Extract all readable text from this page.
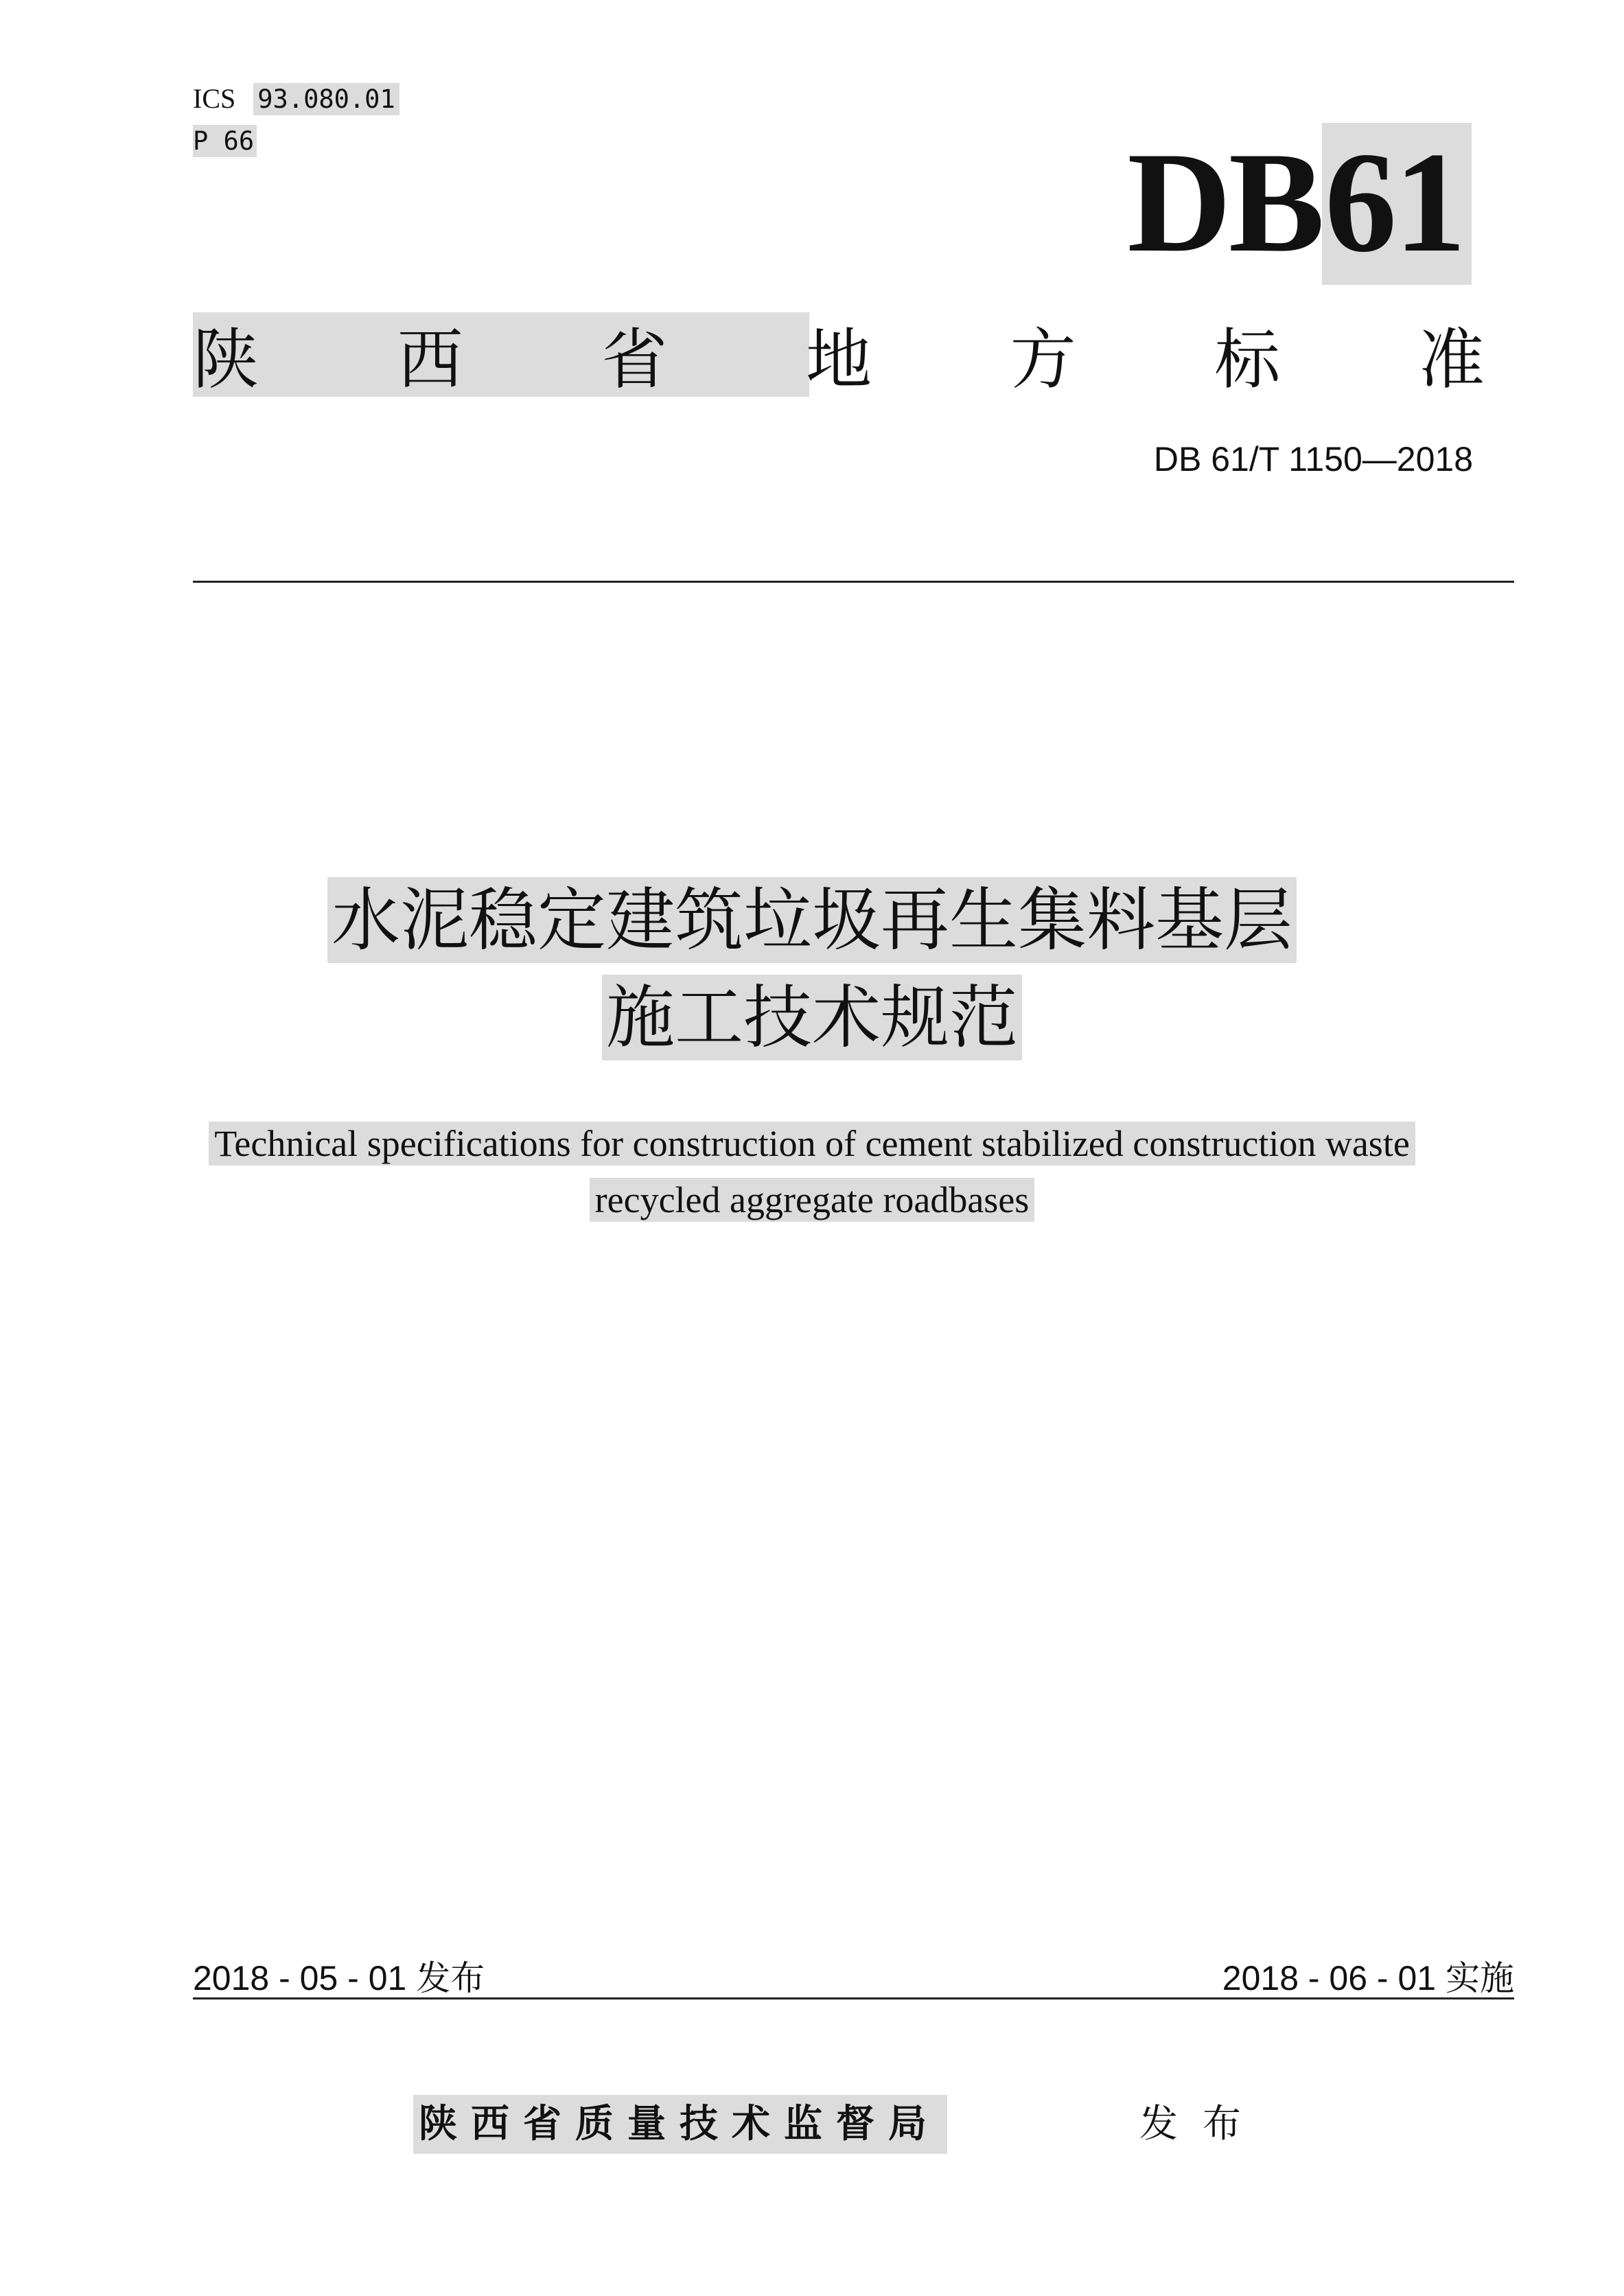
ICS 93.080.01
P 66	DB61
陕 西 省 地 方 标 准
DB 61/T 1150—2018
水泥稳定建筑垃圾再生集料基层
施工技术规范
Technical specifications for construction of cement stabilized construction waste
recycled aggregate roadbases
2018 - 05 - 01 发布	2018 - 06 - 01 实施
陕西省质量技术监督局	发布
